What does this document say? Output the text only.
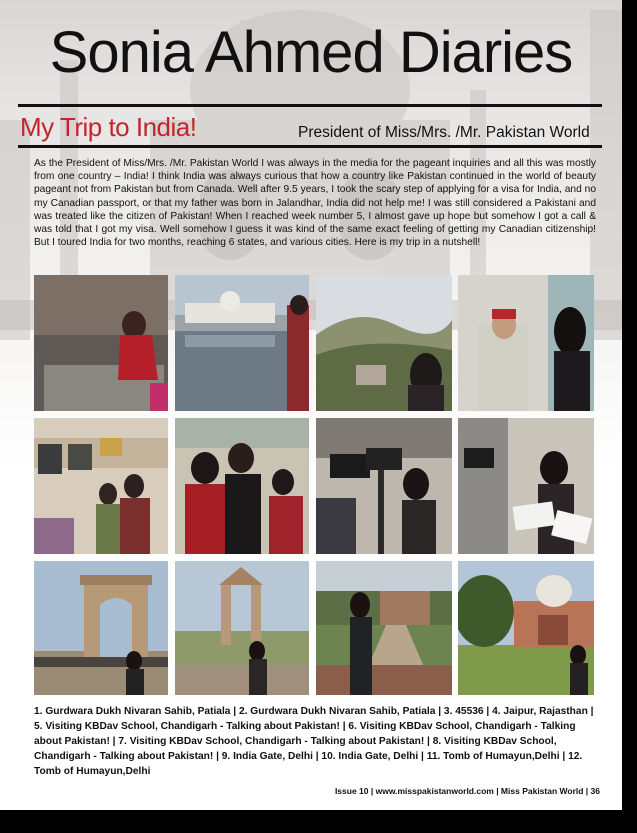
Sonia Ahmed Diaries
My Trip to India!	President of Miss/Mrs. /Mr. Pakistan World

As the President of Miss/Mrs. /Mr. Pakistan World I was always in the media for the pageant inquiries and all this was mostly from one country – India! I think India was always curious that how a country like Pakistan continued in the world of beauty pageant not from Pakistan but from Canada. Well after 9.5 years, I took the scary step of applying for a visa for India, and no my Canadian passport, or that my father was born in Jalandhar, India did not help me! I was still considered a Pakistani and was treated like the citizen of Pakistan! When I reached week number 5, I almost gave up hope but somehow I got a call & was told that I got my visa. Well somehow I guess it was kind of the same exact feeling of getting my Canadian citizenship! But I toured India for two months, reaching 6 states, and various cities. Here is my trip in a nutshell!

1. Gurdwara Dukh Nivaran Sahib, Patiala | 2. Gurdwara Dukh Nivaran Sahib, Patiala | 3. 45536 | 4. Jaipur, Rajasthan | 5. Visiting KBDav School, Chandigarh - Talking about Pakistan! | 6. Visiting KBDav School, Chandigarh - Talking about Pakistan! | 7. Visiting KBDav School, Chandigarh - Talking about Pakistan! | 8. Visiting KBDav School, Chandigarh - Talking about Pakistan! | 9. India Gate, Delhi | 10. India Gate, Delhi | 11. Tomb of Humayun,Delhi | 12. Tomb of Humayun,Delhi

Issue 10 | www.misspakistanworld.com | Miss Pakistan World | 36
